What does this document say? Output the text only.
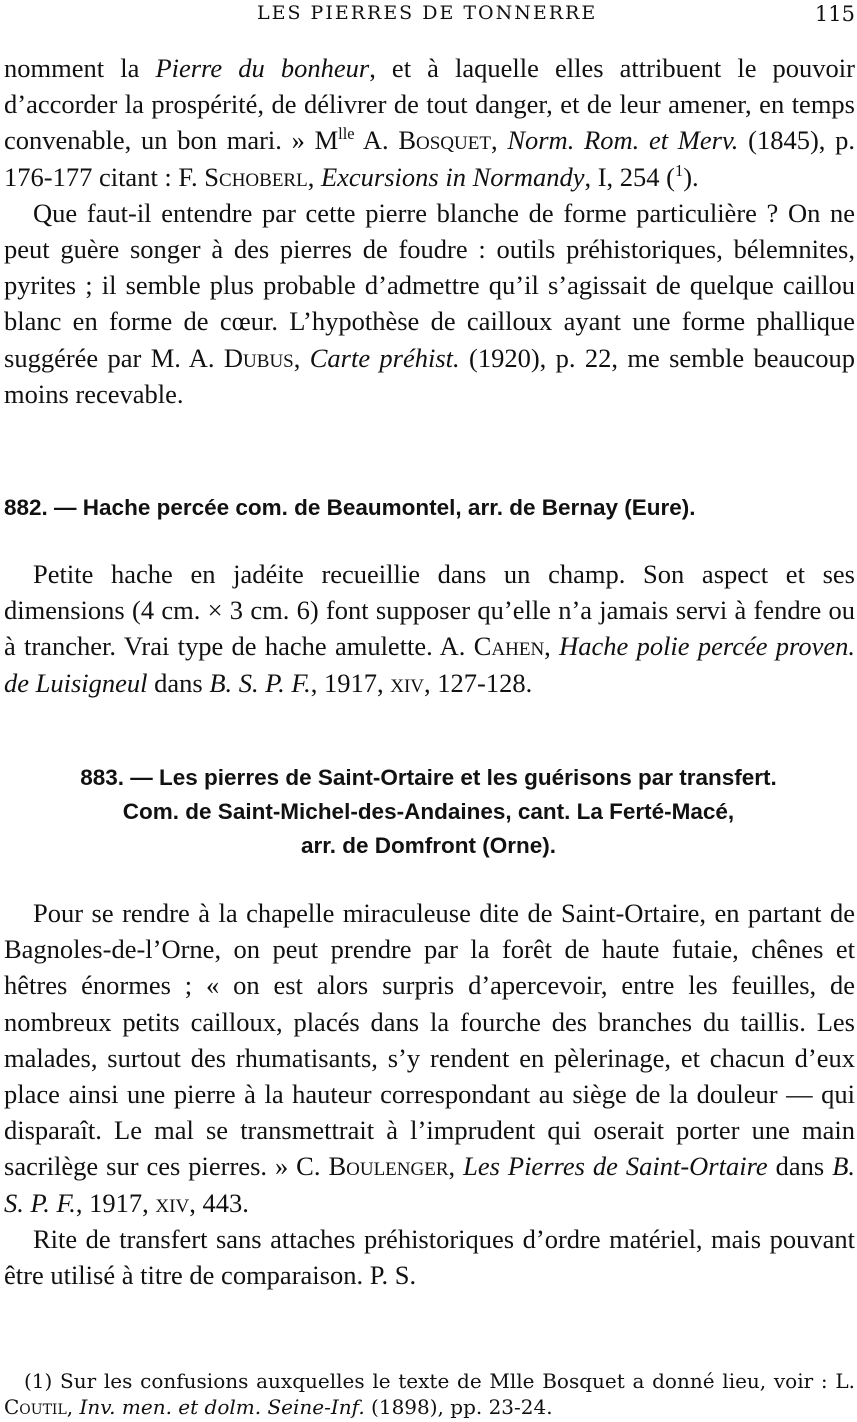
LES PIERRES DE TONNERRE	115

nomment la Pierre du bonheur, et à laquelle elles attribuent le pouvoir d’accorder la prospérité, de délivrer de tout danger, et de leur amener, en temps convenable, un bon mari. » $M^{lle}$ A. Bosquet, Norm. Rom. et Merv. (1845), p. 176-177 citant : F. Schoberl, Excursions in Normandy, I, 254 ($^1$).

Que faut-il entendre par cette pierre blanche de forme particulière ? On ne peut guère songer à des pierres de foudre : outils préhistoriques, bélemnites, pyrites ; il semble plus probable d’admettre qu’il s’agissait de quelque caillou blanc en forme de cœur. L’hypothèse de cailloux ayant une forme phallique suggérée par M. A. Dubus, Carte préhist. (1920), p. 22, me semble beaucoup moins recevable.

882. — Hache percée com. de Beaumontel, arr. de Bernay (Eure).

Petite hache en jadéite recueillie dans un champ. Son aspect et ses dimensions (4 cm. × 3 cm. 6) font supposer qu’elle n’a jamais servi à fendre ou à trancher. Vrai type de hache amulette. A. Cahen, Hache polie percée proven. de Luisigneul dans B. S. P. F., 1917, xiv, 127-128.

883. — Les pierres de Saint-Ortaire et les guérisons par transfert.
Com. de Saint-Michel-des-Andaines, cant. La Ferté-Macé,
arr. de Domfront (Orne).

Pour se rendre à la chapelle miraculeuse dite de Saint-Ortaire, en partant de Bagnoles-de-l’Orne, on peut prendre par la forêt de haute futaie, chênes et hêtres énormes ; « on est alors surpris d’apercevoir, entre les feuilles, de nombreux petits cailloux, placés dans la fourche des branches du taillis. Les malades, surtout des rhumatisants, s’y rendent en pèlerinage, et chacun d’eux place ainsi une pierre à la hauteur correspondant au siège de la douleur — qui disparaît. Le mal se transmettrait à l’imprudent qui oserait porter une main sacrilège sur ces pierres. » C. Boulenger, Les Pierres de Saint-Ortaire dans B. S. P. F., 1917, xiv, 443.

Rite de transfert sans attaches préhistoriques d’ordre matériel, mais pouvant être utilisé à titre de comparaison. P. S.

(1) Sur les confusions auxquelles le texte de Mlle Bosquet a donné lieu, voir : L. Coutil, Inv. men. et dolm. Seine-Inf. (1898), pp. 23-24.
